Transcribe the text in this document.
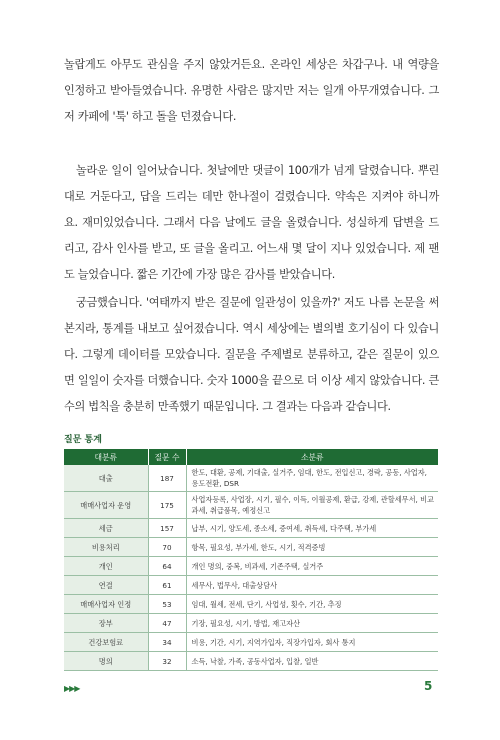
놀랍게도 아무도 관심을 주지 않았거든요. 온라인 세상은 차갑구나. 내 역량을 인정하고 받아들였습니다. 유명한 사람은 많지만 저는 일개 아무개였습니다. 그저 카페에 '툭' 하고 돌을 던졌습니다.

놀라운 일이 일어났습니다. 첫날에만 댓글이 100개가 넘게 달렸습니다. 뿌린 대로 거둔다고, 답을 드리는 데만 한나절이 걸렸습니다. 약속은 지켜야 하니까요. 재미있었습니다. 그래서 다음 날에도 글을 올렸습니다. 성실하게 답변을 드리고, 감사 인사를 받고, 또 글을 올리고. 어느새 몇 달이 지나 있었습니다. 제 팬도 늘었습니다. 짧은 기간에 가장 많은 감사를 받았습니다.

궁금했습니다. '여태까지 받은 질문에 일관성이 있을까?' 저도 나름 논문을 써본지라, 통계를 내보고 싶어졌습니다. 역시 세상에는 별의별 호기심이 다 있습니다. 그렇게 데이터를 모았습니다. 질문을 주제별로 분류하고, 같은 질문이 있으면 일일이 숫자를 더했습니다. 숫자 1000을 끝으로 더 이상 세지 않았습니다. 큰 수의 법칙을 충분히 만족했기 때문입니다. 그 결과는 다음과 같습니다.

질문 통계
대분류	질문 수	소분류
대출	187	한도, 대환, 공제, 기대출, 실거주, 임대, 한도, 전입신고, 경락, 공동, 사업자, 용도전환, DSR
매매사업자 운영	175	사업자등록, 사업장, 시기, 필수, 이득, 이월공제, 환급, 강제, 관할세무서, 비교과세, 취급품목, 예정신고
세금	157	납부, 시기, 양도세, 종소세, 증여세, 취득세, 다주택, 부가세
비용처리	70	항목, 필요성, 부가세, 한도, 시기, 적격증빙
개인	64	개인 명의, 중복, 비과세, 기존주택, 실거주
연결	61	세무사, 법무사, 대출상담사
매매사업자 인정	53	임대, 월세, 전세, 단기, 사업성, 횟수, 기간, 추징
장부	47	기장, 필요성, 시기, 방법, 재고자산
건강보험료	34	비용, 기간, 시기, 지역가입자, 직장가입자, 회사 통지
명의	32	소득, 낙찰, 가족, 공동사업자, 입찰, 일반
▶▶▶	5
